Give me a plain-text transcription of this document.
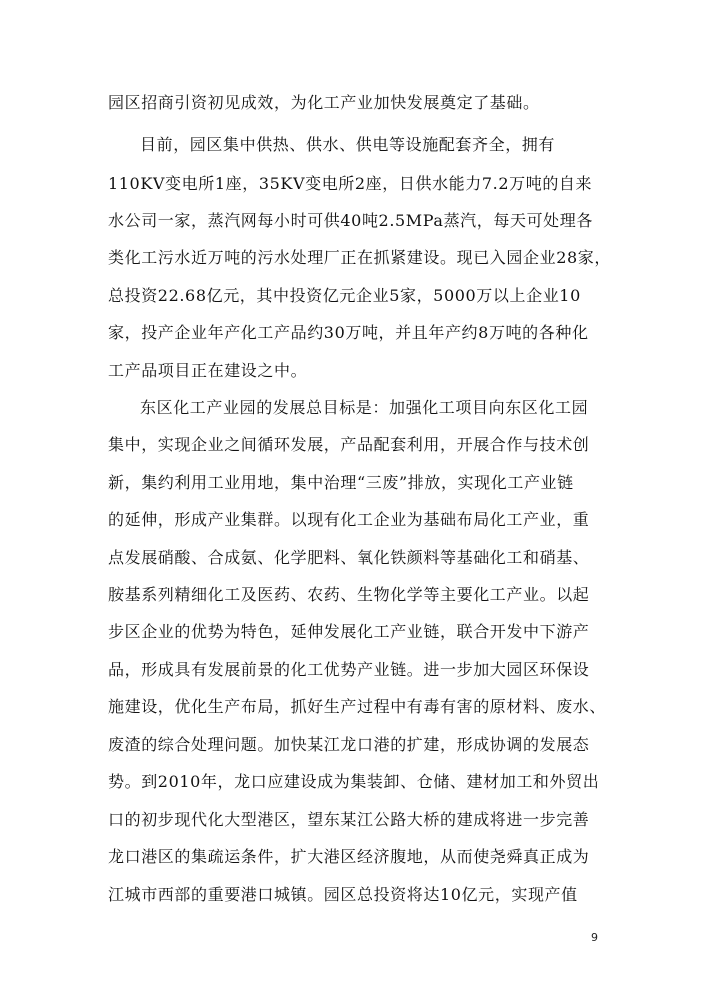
园区招商引资初见成效，为化工产业加快发展奠定了基础。
目前，园区集中供热、供水、供电等设施配套齐全，拥有
110KV变电所1座，35KV变电所2座，日供水能力7.2万吨的自来
水公司一家，蒸汽网每小时可供40吨2.5MPa蒸汽，每天可处理各
类化工污水近万吨的污水处理厂正在抓紧建设。现已入园企业28家，
总投资22.68亿元，其中投资亿元企业5家，5000万以上企业10
家，投产企业年产化工产品约30万吨，并且年产约8万吨的各种化
工产品项目正在建设之中。
东区化工产业园的发展总目标是：加强化工项目向东区化工园
集中，实现企业之间循环发展，产品配套利用，开展合作与技术创
新，集约利用工业用地，集中治理“三废”排放，实现化工产业链
的延伸，形成产业集群。以现有化工企业为基础布局化工产业，重
点发展硝酸、合成氨、化学肥料、氧化铁颜料等基础化工和硝基、
胺基系列精细化工及医药、农药、生物化学等主要化工产业。以起
步区企业的优势为特色，延伸发展化工产业链，联合开发中下游产
品，形成具有发展前景的化工优势产业链。进一步加大园区环保设
施建设，优化生产布局，抓好生产过程中有毒有害的原材料、废水、
废渣的综合处理问题。加快某江龙口港的扩建，形成协调的发展态
势。到2010年，龙口应建设成为集装卸、仓储、建材加工和外贸出
口的初步现代化大型港区，望东某江公路大桥的建成将进一步完善
龙口港区的集疏运条件，扩大港区经济腹地，从而使尧舜真正成为
江城市西部的重要港口城镇。园区总投资将达10亿元，实现产值
9
